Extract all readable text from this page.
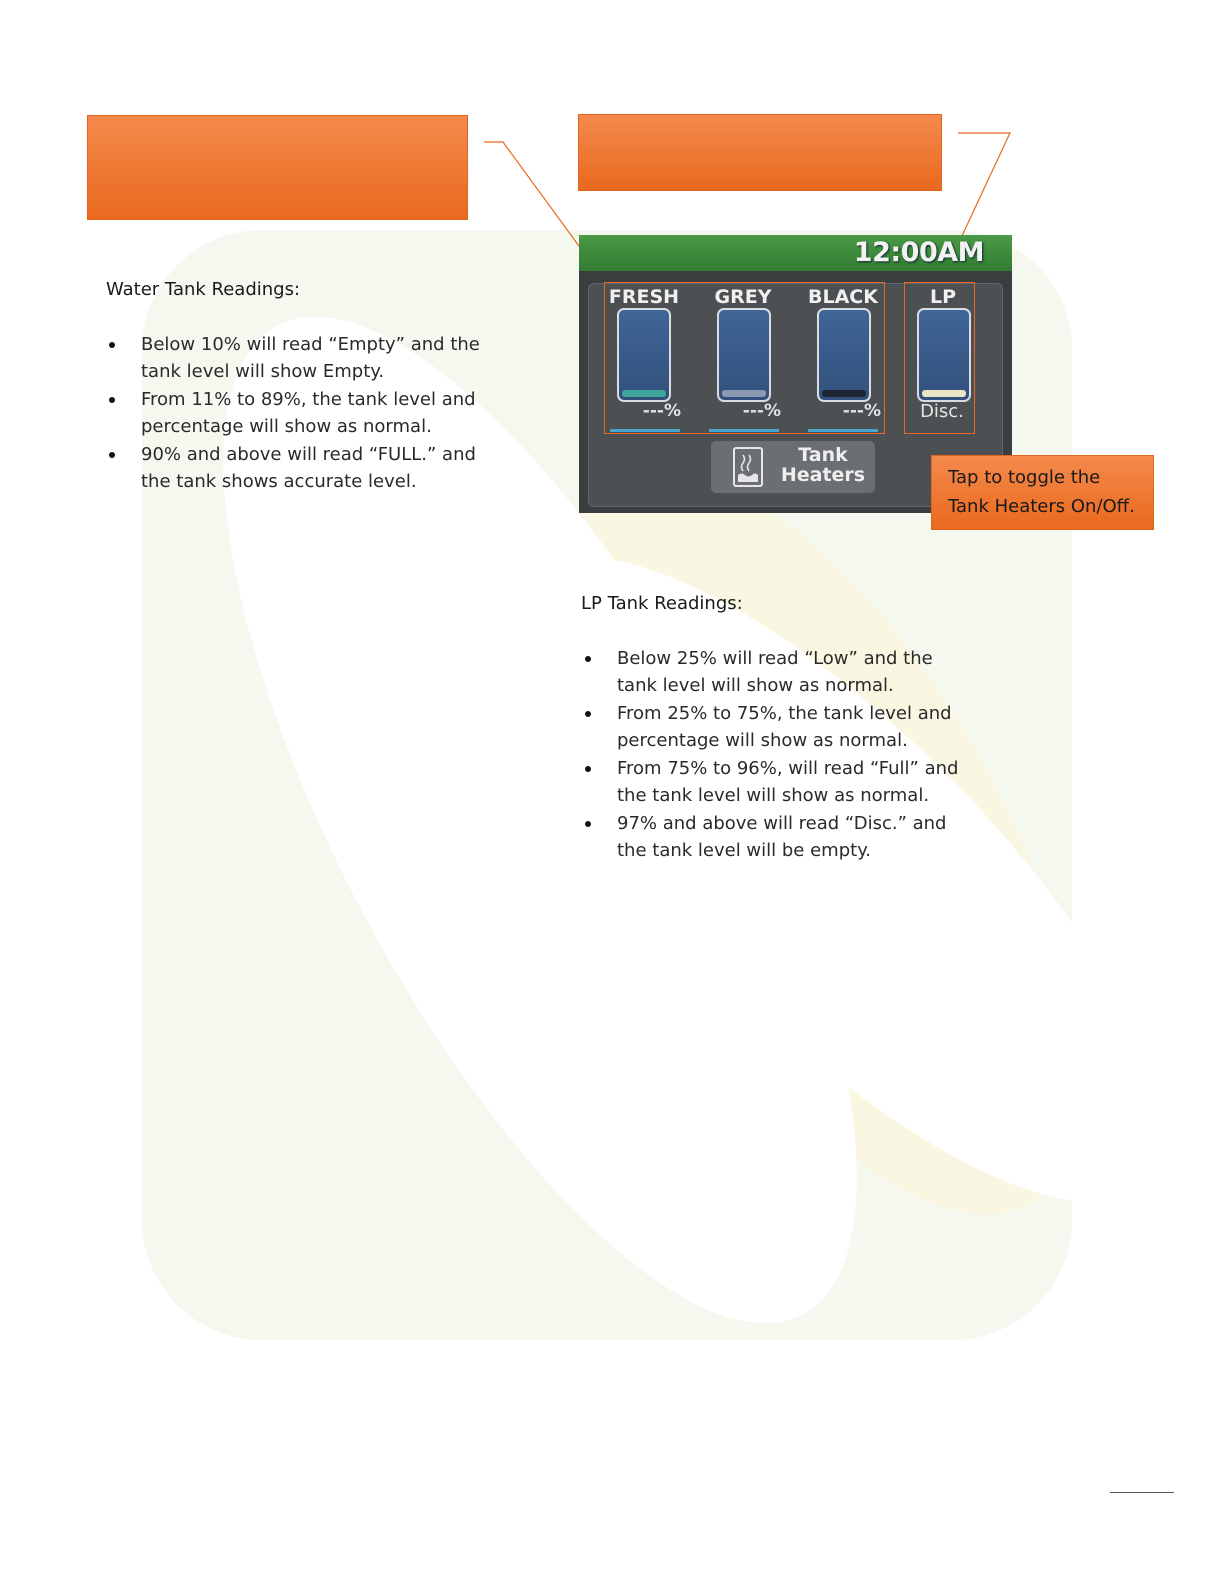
Water Tank Readings:
Below 10% will read “Empty” and the tank level will show Empty.
From 11% to 89%, the tank level and percentage will show as normal.
90% and above will read “FULL.” and the tank shows accurate level.
12:00AM
FRESH	GREY	BLACK	LP
---%	---%	---%	Disc.
Tank
Heaters	Tap to toggle the
Tank Heaters On/Off.
LP Tank Readings:
Below 25% will read “Low” and the tank level will show as normal.
From 25% to 75%, the tank level and percentage will show as normal.
From 75% to 96%, will read “Full” and the tank level will show as normal.
97% and above will read “Disc.” and the tank level will be empty.
